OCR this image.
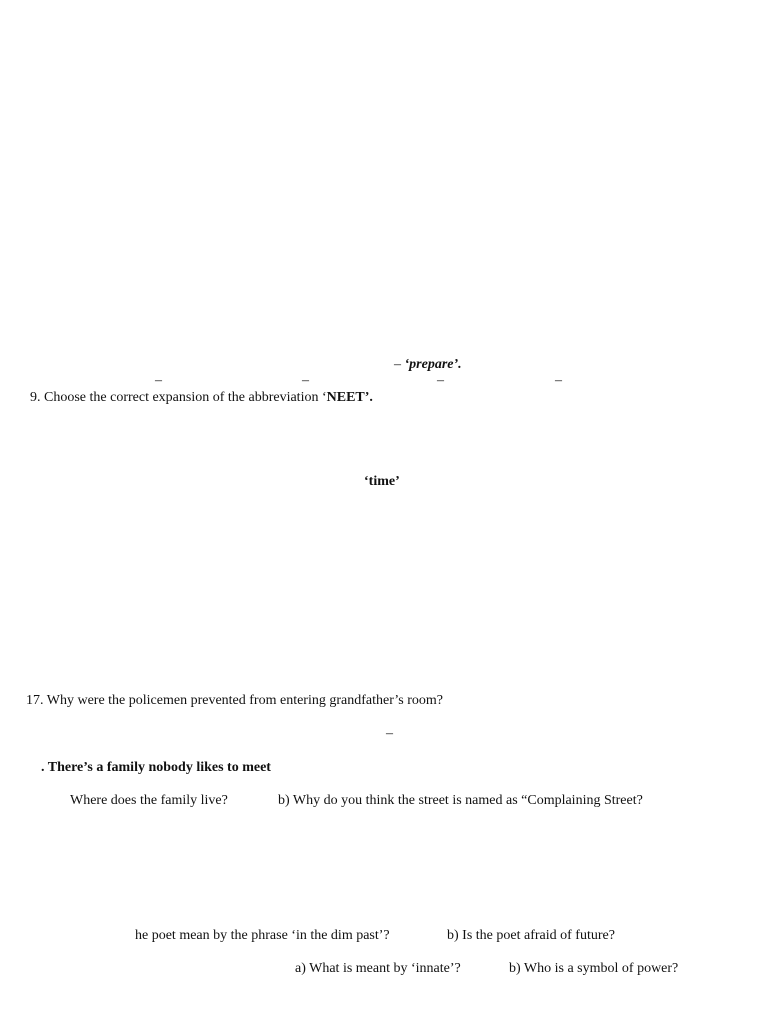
– ‘prepare’.
–	–	–	–
9. Choose the correct expansion of the abbreviation ‘NEET’.
‘time’
17. Why were the policemen prevented from entering grandfather’s room?
–
. There’s a family nobody likes to meet
Where does the family live?	b) Why do you think the street is named as “Complaining Street?
he poet mean by the phrase ‘in the dim past’?	b) Is the poet afraid of future?
a) What is meant by ‘innate’?	b) Who is a symbol of power?
